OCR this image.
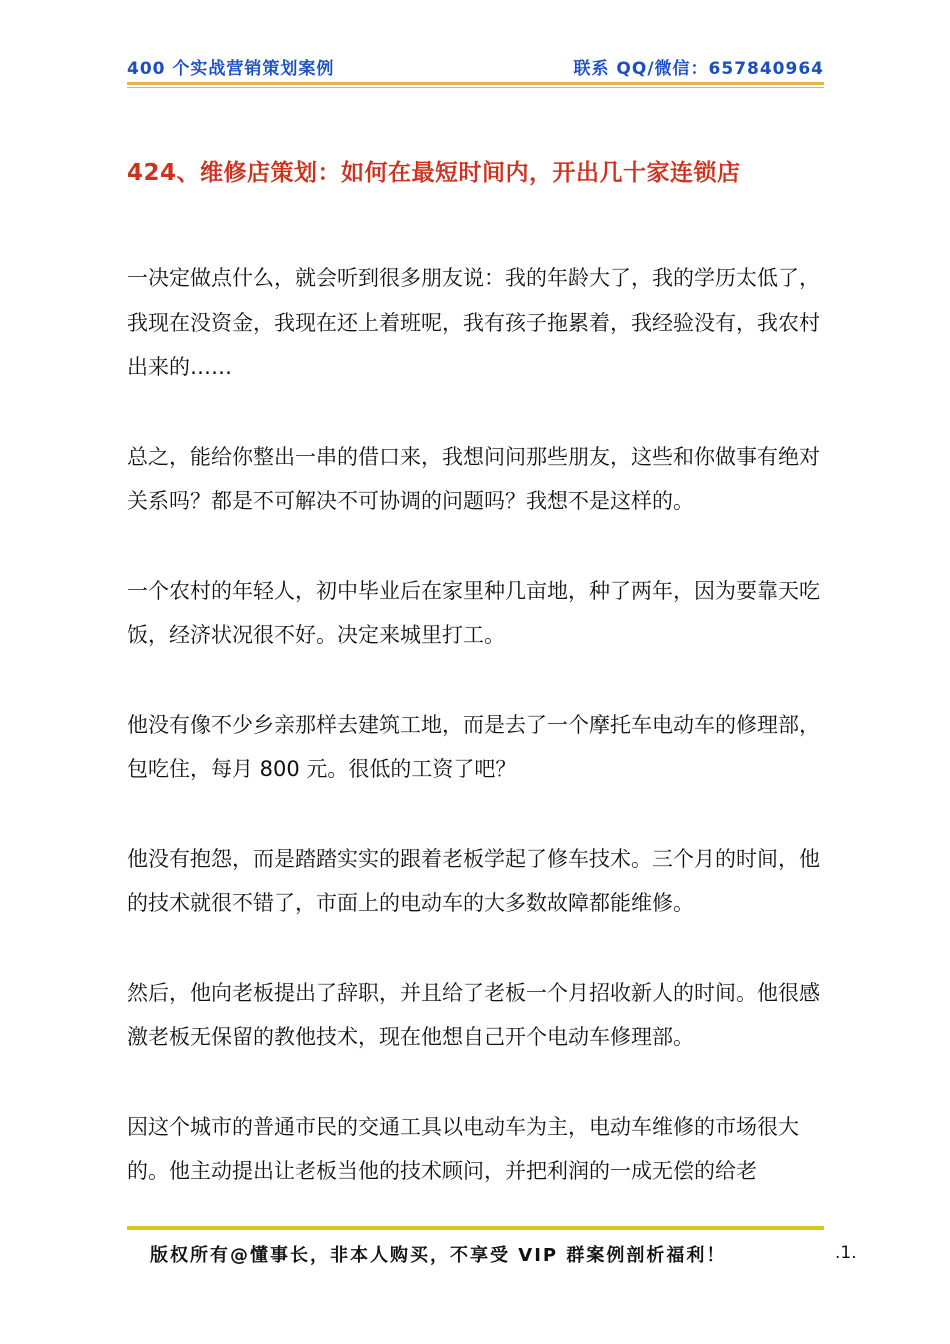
400 个实战营销策划案例	联系 QQ/微信：657840964
424、维修店策划：如何在最短时间内，开出几十家连锁店

一决定做点什么，就会听到很多朋友说：我的年龄大了，我的学历太低了，我现在没资金，我现在还上着班呢，我有孩子拖累着，我经验没有，我农村出来的……

总之，能给你整出一串的借口来，我想问问那些朋友，这些和你做事有绝对关系吗？都是不可解决不可协调的问题吗？我想不是这样的。

一个农村的年轻人，初中毕业后在家里种几亩地，种了两年，因为要靠天吃饭，经济状况很不好。决定来城里打工。

他没有像不少乡亲那样去建筑工地，而是去了一个摩托车电动车的修理部，包吃住，每月 800 元。很低的工资了吧？

他没有抱怨，而是踏踏实实的跟着老板学起了修车技术。三个月的时间，他的技术就很不错了，市面上的电动车的大多数故障都能维修。

然后，他向老板提出了辞职，并且给了老板一个月招收新人的时间。他很感激老板无保留的教他技术，现在他想自己开个电动车修理部。

因这个城市的普通市民的交通工具以电动车为主，电动车维修的市场很大的。他主动提出让老板当他的技术顾问，并把利润的一成无偿的给老

版权所有@懂事长，非本人购买，不享受 VIP 群案例剖析福利！	.1.
